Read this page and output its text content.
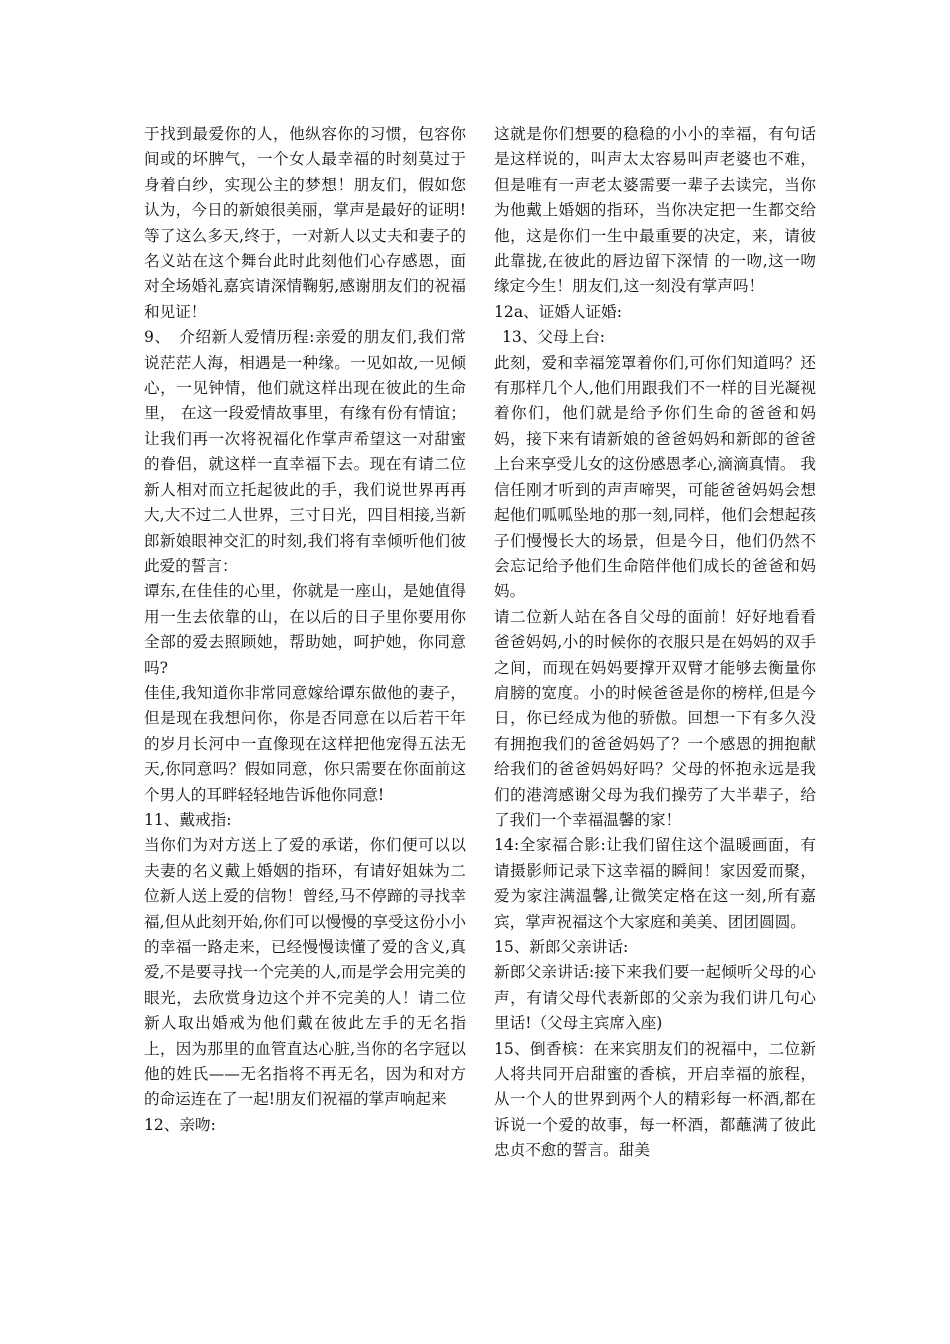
于找到最爱你的人，他纵容你的习惯，包容你间或的坏脾气，一个女人最幸福的时刻莫过于身着白纱，实现公主的梦想！朋友们，假如您认为，今日的新娘很美丽，掌声是最好的证明!等了这么多天,终于，一对新人以丈夫和妻子的名义站在这个舞台此时此刻他们心存感恩，面对全场婚礼嘉宾请深情鞠躬,感谢朋友们的祝福和见证！

9、　介绍新人爱情历程:亲爱的朋友们,我们常说茫茫人海，相遇是一种缘。一见如故,一见倾心，一见钟情，他们就这样出现在彼此的生命里， 在这一段爱情故事里，有缘有份有情谊；让我们再一次将祝福化作掌声希望这一对甜蜜的眷侣，就这样一直幸福下去。现在有请二位新人相对而立托起彼此的手，我们说世界再再大,大不过二人世界，三寸日光，四目相接,当新郎新娘眼神交汇的时刻,我们将有幸倾听他们彼此爱的誓言：

谭东,在佳佳的心里，你就是一座山，是她值得用一生去依靠的山，在以后的日子里你要用你全部的爱去照顾她，帮助她，呵护她，你同意吗?

佳佳,我知道你非常同意嫁给谭东做他的妻子，但是现在我想问你，你是否同意在以后若干年的岁月长河中一直像现在这样把他宠得五法无天,你同意吗？假如同意，你只需要在你面前这个男人的耳畔轻轻地告诉他你同意!

11、戴戒指:

当你们为对方送上了爱的承诺，你们便可以以夫妻的名义戴上婚姻的指环，有请好姐妹为二位新人送上爱的信物！曾经,马不停蹄的寻找幸福,但从此刻开始,你们可以慢慢的享受这份小小的幸福一路走来，已经慢慢读懂了爱的含义,真爱,不是要寻找一个完美的人,而是学会用完美的眼光，去欣赏身边这个并不完美的人！请二位新人取出婚戒为他们戴在彼此左手的无名指上，因为那里的血管直达心脏,当你的名字冠以他的姓氏——无名指将不再无名，因为和对方的命运连在了一起!朋友们祝福的掌声响起来

12、亲吻:

这就是你们想要的稳稳的小小的幸福，有句话是这样说的，叫声太太容易叫声老婆也不难，但是唯有一声老太婆需要一辈子去读完，当你为他戴上婚姻的指环，当你决定把一生都交给他，这是你们一生中最重要的决定，来，请彼此靠拢,在彼此的唇边留下深情 的一吻,这一吻缘定今生！朋友们,这一刻没有掌声吗！

12a、证婚人证婚:

13、父母上台:

此刻，爱和幸福笼罩着你们,可你们知道吗？还有那样几个人,他们用跟我们不一样的目光凝视着你们，他们就是给予你们生命的爸爸和妈妈，接下来有请新娘的爸爸妈妈和新郎的爸爸上台来享受儿女的这份感恩孝心,滴滴真情。 我信任刚才听到的声声啼哭，可能爸爸妈妈会想起他们呱呱坠地的那一刻,同样，他们会想起孩子们慢慢长大的场景，但是今日，他们仍然不会忘记给予他们生命陪伴他们成长的爸爸和妈妈。

请二位新人站在各自父母的面前！好好地看看爸爸妈妈,小的时候你的衣服只是在妈妈的双手之间，而现在妈妈要撑开双臂才能够去衡量你肩膀的宽度。小的时候爸爸是你的榜样,但是今日，你已经成为他的骄傲。回想一下有多久没有拥抱我们的爸爸妈妈了？一个感恩的拥抱献给我们的爸爸妈妈好吗？父母的怀抱永远是我们的港湾感谢父母为我们操劳了大半辈子，给了我们一个幸福温馨的家！

14:全家福合影:让我们留住这个温暖画面，有请摄影师记录下这幸福的瞬间！家因爱而聚，爱为家注满温馨,让微笑定格在这一刻,所有嘉宾，掌声祝福这个大家庭和美美、团团圆圆。

15、新郎父亲讲话:

新郎父亲讲话:接下来我们要一起倾听父母的心声，有请父母代表新郎的父亲为我们讲几句心里话!（父母主宾席入座)

15、倒香槟：在来宾朋友们的祝福中，二位新人将共同开启甜蜜的香槟，开启幸福的旅程，从一个人的世界到两个人的精彩每一杯酒,都在诉说一个爱的故事，每一杯酒，都蘸满了彼此忠贞不愈的誓言。甜美
